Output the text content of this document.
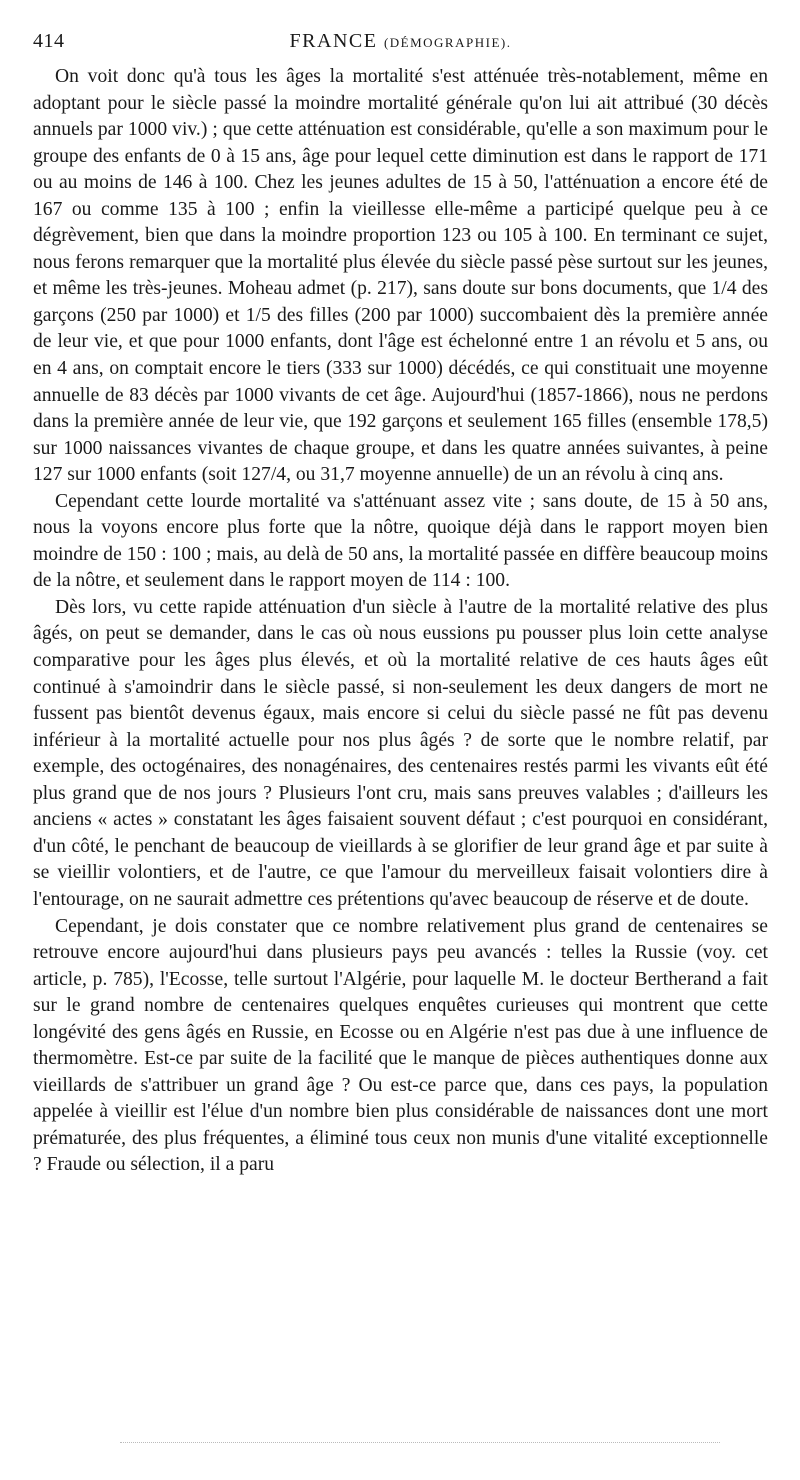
414	FRANCE (DÉMOGRAPHIE).

On voit donc qu'à tous les âges la mortalité s'est atténuée très-notablement, même en adoptant pour le siècle passé la moindre mortalité générale qu'on lui ait attribué (30 décès annuels par 1000 viv.) ; que cette atténuation est considérable, qu'elle a son maximum pour le groupe des enfants de 0 à 15 ans, âge pour lequel cette diminution est dans le rapport de 171 ou au moins de 146 à 100. Chez les jeunes adultes de 15 à 50, l'atténuation a encore été de 167 ou comme 135 à 100 ; enfin la vieillesse elle-même a participé quelque peu à ce dégrèvement, bien que dans la moindre proportion 123 ou 105 à 100. En terminant ce sujet, nous ferons remarquer que la mortalité plus élevée du siècle passé pèse surtout sur les jeunes, et même les très-jeunes. Moheau admet (p. 217), sans doute sur bons documents, que 1/4 des garçons (250 par 1000) et 1/5 des filles (200 par 1000) succombaient dès la première année de leur vie, et que pour 1000 enfants, dont l'âge est échelonné entre 1 an révolu et 5 ans, ou en 4 ans, on comptait encore le tiers (333 sur 1000) décédés, ce qui constituait une moyenne annuelle de 83 décès par 1000 vivants de cet âge. Aujourd'hui (1857-1866), nous ne perdons dans la première année de leur vie, que 192 garçons et seulement 165 filles (ensemble 178,5) sur 1000 naissances vivantes de chaque groupe, et dans les quatre années suivantes, à peine 127 sur 1000 enfants (soit 127/4, ou 31,7 moyenne annuelle) de un an révolu à cinq ans.

Cependant cette lourde mortalité va s'atténuant assez vite ; sans doute, de 15 à 50 ans, nous la voyons encore plus forte que la nôtre, quoique déjà dans le rapport moyen bien moindre de 150 : 100 ; mais, au delà de 50 ans, la mortalité passée en diffère beaucoup moins de la nôtre, et seulement dans le rapport moyen de 114 : 100.

Dès lors, vu cette rapide atténuation d'un siècle à l'autre de la mortalité relative des plus âgés, on peut se demander, dans le cas où nous eussions pu pousser plus loin cette analyse comparative pour les âges plus élevés, et où la mortalité relative de ces hauts âges eût continué à s'amoindrir dans le siècle passé, si non-seulement les deux dangers de mort ne fussent pas bientôt devenus égaux, mais encore si celui du siècle passé ne fût pas devenu inférieur à la mortalité actuelle pour nos plus âgés ? de sorte que le nombre relatif, par exemple, des octogénaires, des nonagénaires, des centenaires restés parmi les vivants eût été plus grand que de nos jours ? Plusieurs l'ont cru, mais sans preuves valables ; d'ailleurs les anciens « actes » constatant les âges faisaient souvent défaut ; c'est pourquoi en considérant, d'un côté, le penchant de beaucoup de vieillards à se glorifier de leur grand âge et par suite à se vieillir volontiers, et de l'autre, ce que l'amour du merveilleux faisait volontiers dire à l'entourage, on ne saurait admettre ces prétentions qu'avec beaucoup de réserve et de doute.

Cependant, je dois constater que ce nombre relativement plus grand de centenaires se retrouve encore aujourd'hui dans plusieurs pays peu avancés : telles la Russie (voy. cet article, p. 785), l'Ecosse, telle surtout l'Algérie, pour laquelle M. le docteur Bertherand a fait sur le grand nombre de centenaires quelques enquêtes curieuses qui montrent que cette longévité des gens âgés en Russie, en Ecosse ou en Algérie n'est pas due à une influence de thermomètre. Est-ce par suite de la facilité que le manque de pièces authentiques donne aux vieillards de s'attribuer un grand âge ? Ou est-ce parce que, dans ces pays, la population appelée à vieillir est l'élue d'un nombre bien plus considérable de naissances dont une mort prématurée, des plus fréquentes, a éliminé tous ceux non munis d'une vitalité exceptionnelle ? Fraude ou sélection, il a paru
